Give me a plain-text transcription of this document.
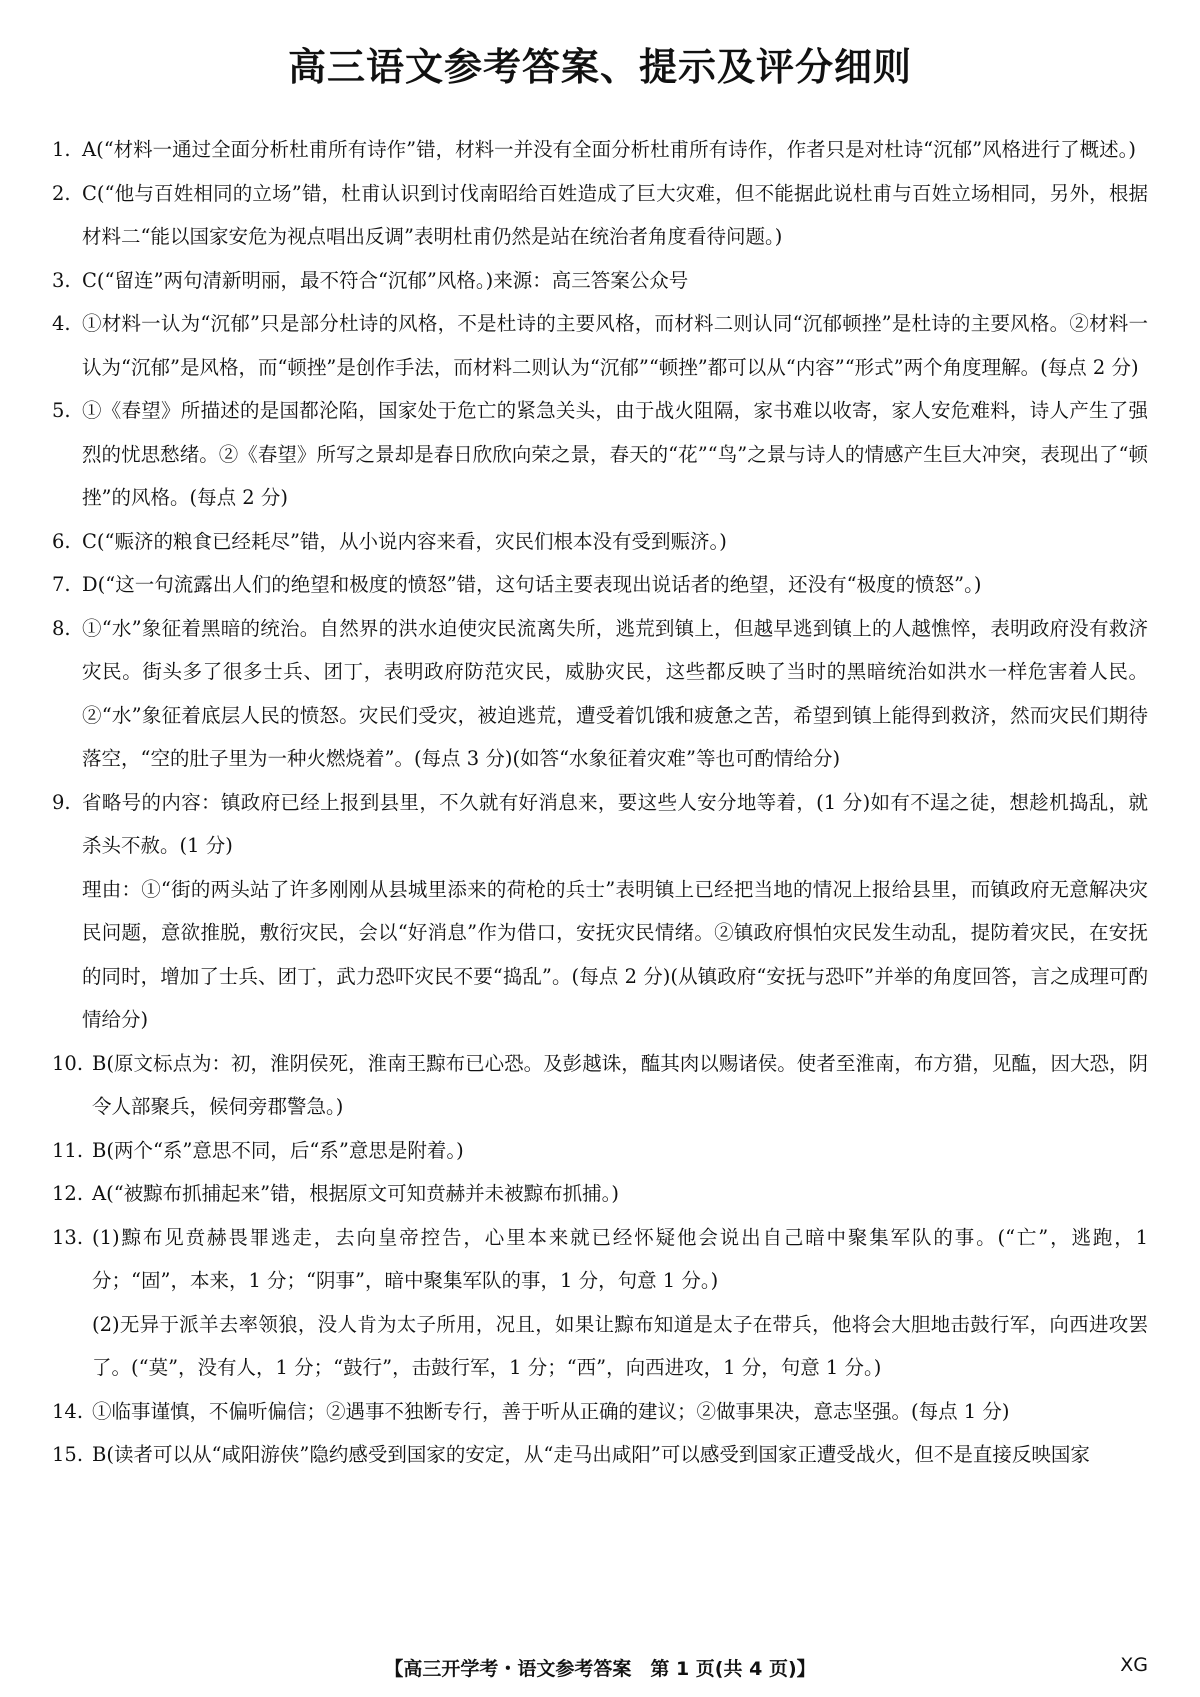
高三语文参考答案、提示及评分细则

1. A(“材料一通过全面分析杜甫所有诗作”错，材料一并没有全面分析杜甫所有诗作，作者只是对杜诗“沉郁”风格进行了概述。)

2. C(“他与百姓相同的立场”错，杜甫认识到讨伐南昭给百姓造成了巨大灾难，但不能据此说杜甫与百姓立场相同，另外，根据材料二“能以国家安危为视点唱出反调”表明杜甫仍然是站在统治者角度看待问题。)

3. C(“留连”两句清新明丽，最不符合“沉郁”风格。)来源：高三答案公众号

4. ①材料一认为“沉郁”只是部分杜诗的风格，不是杜诗的主要风格，而材料二则认同“沉郁顿挫”是杜诗的主要风格。②材料一认为“沉郁”是风格，而“顿挫”是创作手法，而材料二则认为“沉郁”“顿挫”都可以从“内容”“形式”两个角度理解。(每点 2 分)

5. ①《春望》所描述的是国都沦陷，国家处于危亡的紧急关头，由于战火阻隔，家书难以收寄，家人安危难料，诗人产生了强烈的忧思愁绪。②《春望》所写之景却是春日欣欣向荣之景，春天的“花”“鸟”之景与诗人的情感产生巨大冲突，表现出了“顿挫”的风格。(每点 2 分)

6. C(“赈济的粮食已经耗尽”错，从小说内容来看，灾民们根本没有受到赈济。)

7. D(“这一句流露出人们的绝望和极度的愤怒”错，这句话主要表现出说话者的绝望，还没有“极度的愤怒”。)

8. ①“水”象征着黑暗的统治。自然界的洪水迫使灾民流离失所，逃荒到镇上，但越早逃到镇上的人越憔悴，表明政府没有救济灾民。街头多了很多士兵、团丁，表明政府防范灾民，威胁灾民，这些都反映了当时的黑暗统治如洪水一样危害着人民。②“水”象征着底层人民的愤怒。灾民们受灾，被迫逃荒，遭受着饥饿和疲惫之苦，希望到镇上能得到救济，然而灾民们期待落空，“空的肚子里为一种火燃烧着”。(每点 3 分)(如答“水象征着灾难”等也可酌情给分)

9. 省略号的内容：镇政府已经上报到县里，不久就有好消息来，要这些人安分地等着，(1 分)如有不逞之徒，想趁机捣乱，就杀头不赦。(1 分)
理由：①“街的两头站了许多刚刚从县城里添来的荷枪的兵士”表明镇上已经把当地的情况上报给县里，而镇政府无意解决灾民问题，意欲推脱，敷衍灾民，会以“好消息”作为借口，安抚灾民情绪。②镇政府惧怕灾民发生动乱，提防着灾民，在安抚的同时，增加了士兵、团丁，武力恐吓灾民不要“捣乱”。(每点 2 分)(从镇政府“安抚与恐吓”并举的角度回答，言之成理可酌情给分)

10. B(原文标点为：初，淮阴侯死，淮南王黥布已心恐。及彭越诛，醢其肉以赐诸侯。使者至淮南，布方猎，见醢，因大恐，阴令人部聚兵，候伺旁郡警急。)

11. B(两个“系”意思不同，后“系”意思是附着。)

12. A(“被黥布抓捕起来”错，根据原文可知贲赫并未被黥布抓捕。)

13. (1)黥布见贲赫畏罪逃走，去向皇帝控告，心里本来就已经怀疑他会说出自己暗中聚集军队的事。(“亡”，逃跑，1 分；“固”，本来，1 分；“阴事”，暗中聚集军队的事，1 分，句意 1 分。)
(2)无异于派羊去率领狼，没人肯为太子所用，况且，如果让黥布知道是太子在带兵，他将会大胆地击鼓行军，向西进攻罢了。(“莫”，没有人，1 分；“鼓行”，击鼓行军，1 分；“西”，向西进攻，1 分，句意 1 分。)

14. ①临事谨慎，不偏听偏信；②遇事不独断专行，善于听从正确的建议；②做事果决，意志坚强。(每点 1 分)

15. B(读者可以从“咸阳游侠”隐约感受到国家的安定，从“走马出咸阳”可以感受到国家正遭受战火，但不是直接反映国家

【高三开学考・语文参考答案　第 1 页(共 4 页)】	XG
